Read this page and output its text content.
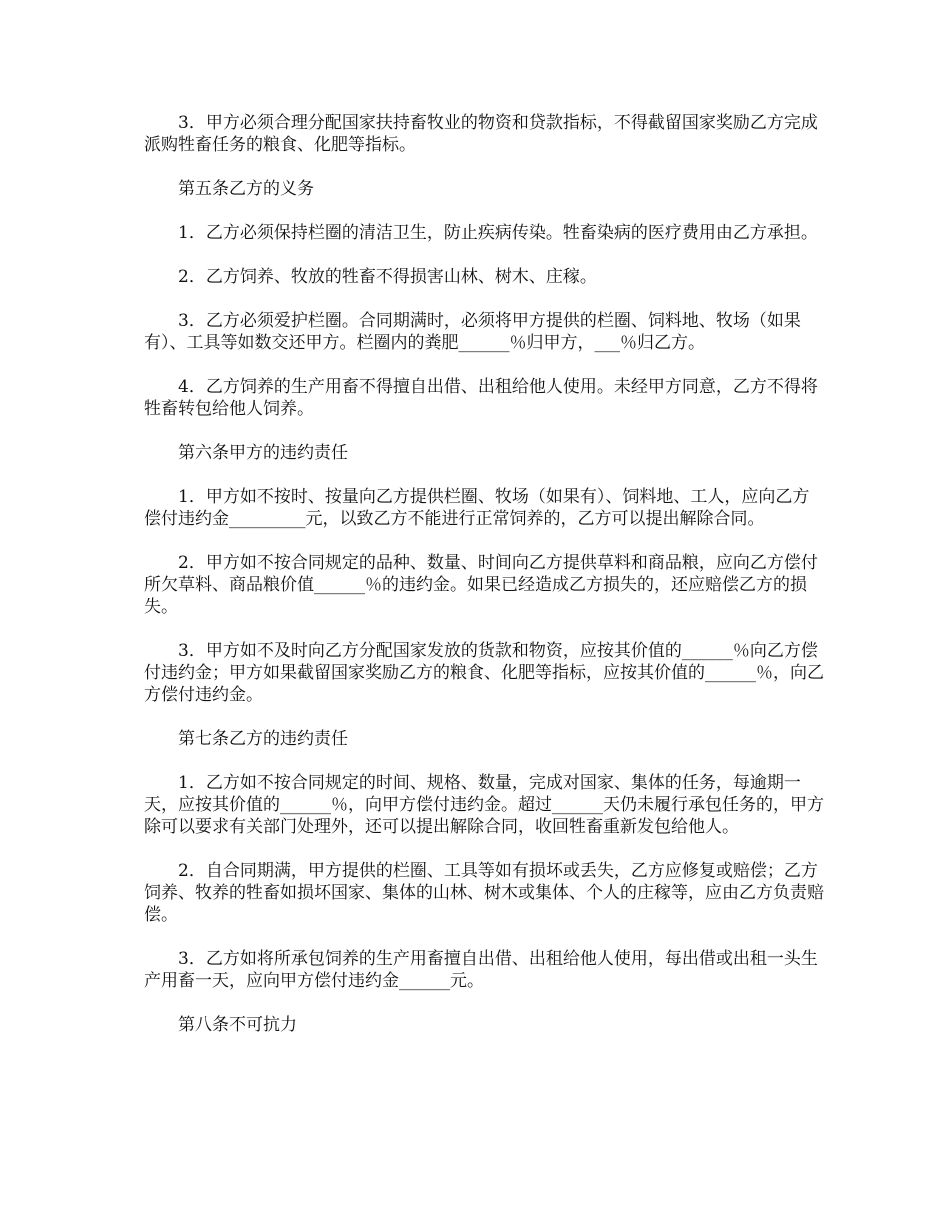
3．甲方必须合理分配国家扶持畜牧业的物资和贷款指标，不得截留国家奖励乙方完成派购牲畜任务的粮食、化肥等指标。

第五条乙方的义务

1．乙方必须保持栏圈的清洁卫生，防止疾病传染。牲畜染病的医疗费用由乙方承担。

2．乙方饲养、牧放的牲畜不得损害山林、树木、庄稼。

3．乙方必须爱护栏圈。合同期满时，必须将甲方提供的栏圈、饲料地、牧场（如果有）、工具等如数交还甲方。栏圈内的粪肥______％归甲方，___％归乙方。

4．乙方饲养的生产用畜不得擅自出借、出租给他人使用。未经甲方同意，乙方不得将牲畜转包给他人饲养。

第六条甲方的违约责任

1．甲方如不按时、按量向乙方提供栏圈、牧场（如果有）、饲料地、工人，应向乙方偿付违约金_________元，以致乙方不能进行正常饲养的，乙方可以提出解除合同。

2．甲方如不按合同规定的品种、数量、时间向乙方提供草料和商品粮，应向乙方偿付所欠草料、商品粮价值______％的违约金。如果已经造成乙方损失的，还应赔偿乙方的损失。

3．甲方如不及时向乙方分配国家发放的货款和物资，应按其价值的______％向乙方偿付违约金；甲方如果截留国家奖励乙方的粮食、化肥等指标，应按其价值的______％，向乙方偿付违约金。

第七条乙方的违约责任

1．乙方如不按合同规定的时间、规格、数量，完成对国家、集体的任务，每逾期一天，应按其价值的______％，向甲方偿付违约金。超过______天仍未履行承包任务的，甲方除可以要求有关部门处理外，还可以提出解除合同，收回牲畜重新发包给他人。

2．自合同期满，甲方提供的栏圈、工具等如有损坏或丢失，乙方应修复或赔偿；乙方饲养、牧养的牲畜如损坏国家、集体的山林、树木或集体、个人的庄稼等，应由乙方负责赔偿。

3．乙方如将所承包饲养的生产用畜擅自出借、出租给他人使用，每出借或出租一头生产用畜一天，应向甲方偿付违约金______元。

第八条不可抗力
